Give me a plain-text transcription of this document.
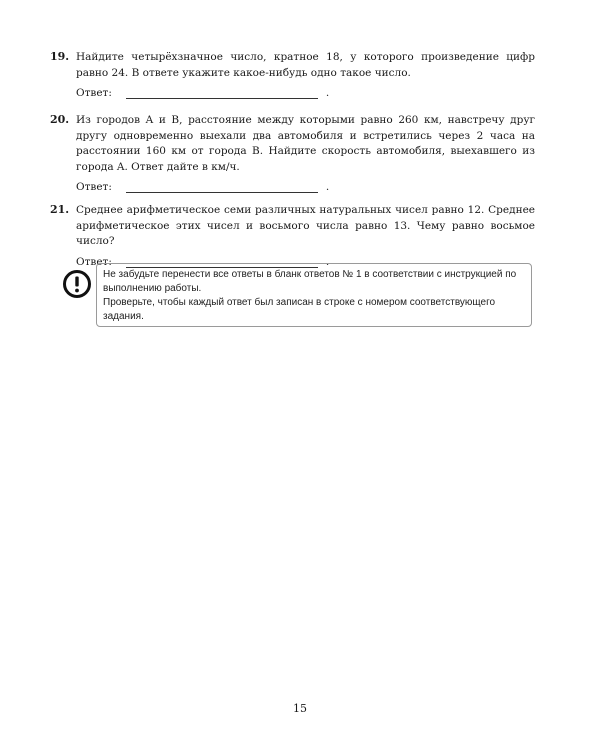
19. Найдите четырёхзначное число, кратное 18, у которого произведение цифр равно 24. В ответе укажите какое-нибудь одно такое число.
Ответ:	.
20. Из городов A и B, расстояние между которыми равно 260 км, навстречу друг другу одновременно выехали два автомобиля и встретились через 2 часа на расстоянии 160 км от города B. Найдите скорость автомобиля, выехавшего из города A. Ответ дайте в км/ч.
Ответ:	.
21. Среднее арифметическое семи различных натуральных чисел равно 12. Среднее арифметическое этих чисел и восьмого числа равно 13. Чему равно восьмое число?
Ответ:	.

Не забудьте перенести все ответы в бланк ответов № 1 в соответствии с инструкцией по выполнению работы.

Проверьте, чтобы каждый ответ был записан в строке с номером соответствующего задания.

15
